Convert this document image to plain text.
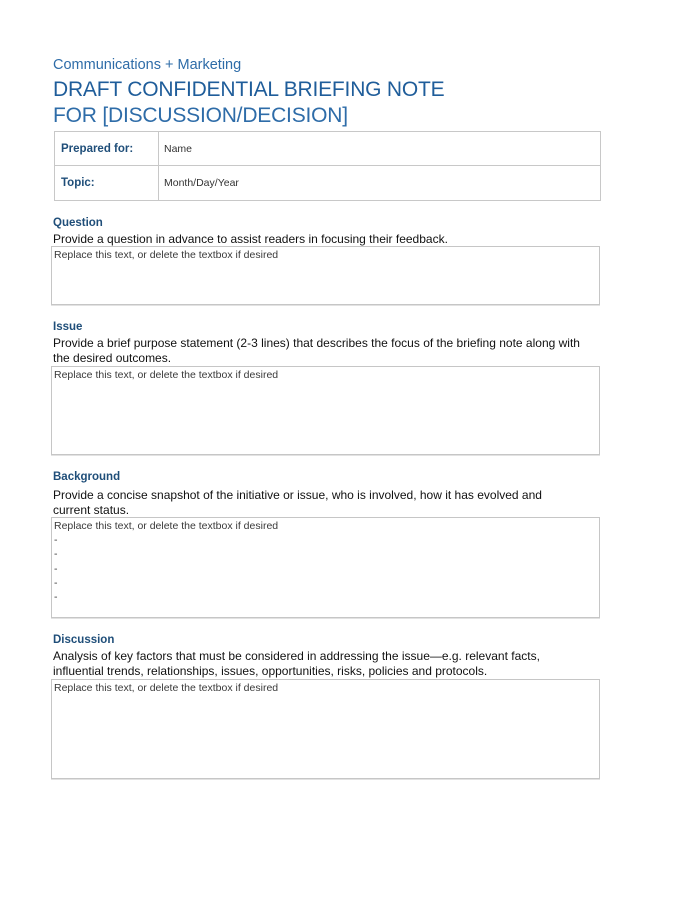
Communications + Marketing
DRAFT CONFIDENTIAL BRIEFING NOTE
FOR [DISCUSSION/DECISION]
Prepared for:	Name
Topic:	Month/Day/Year
Question
Provide a question in advance to assist readers in focusing their feedback.
Replace this text, or delete the textbox if desired
Issue
Provide a brief purpose statement (2-3 lines) that describes the focus of the briefing note along with the desired outcomes.
Replace this text, or delete the textbox if desired
Background
Provide a concise snapshot of the initiative or issue, who is involved, how it has evolved and current status.
Replace this text, or delete the textbox if desired
-
-
-
-
-
Discussion
Analysis of key factors that must be considered in addressing the issue—e.g. relevant facts, influential trends, relationships, issues, opportunities, risks, policies and protocols.
Replace this text, or delete the textbox if desired
